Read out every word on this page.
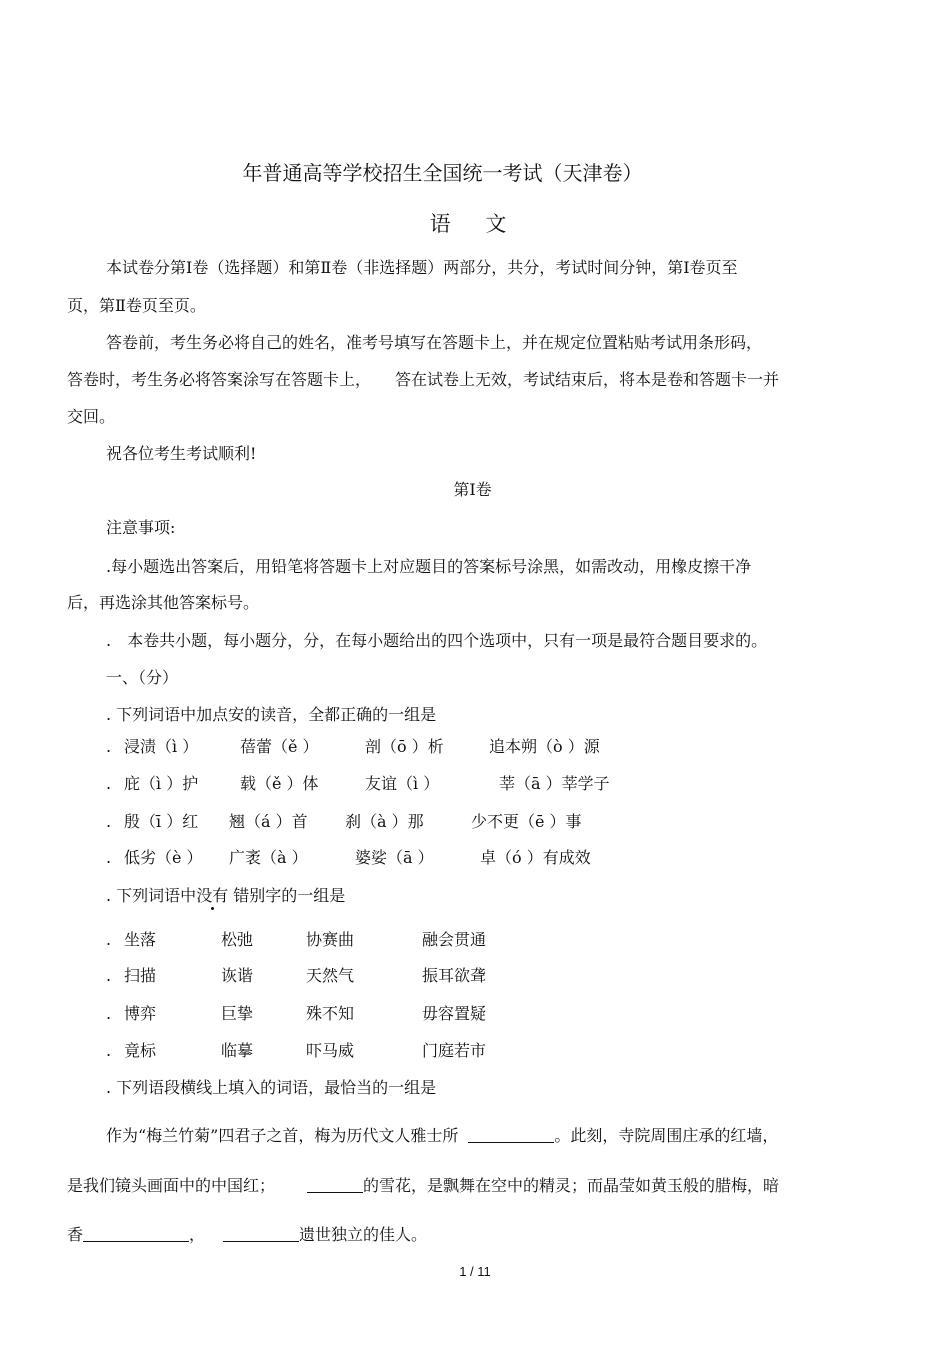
年普通高等学校招生全国统一考试（天津卷）
语 文
本试卷分第Ⅰ卷（选择题）和第Ⅱ卷（非选择题）两部分，共分，考试时间分钟，第Ⅰ卷页至
页，第Ⅱ卷页至页。
答卷前，考生务必将自己的姓名，准考号填写在答题卡上，并在规定位置粘贴考试用条形码，
答卷时，考生务必将答案涂写在答题卡上，　　答在试卷上无效，考试结束后，将本是卷和答题卡一并
交回。
祝各位考生考试顺利!
第Ⅰ卷
注意事项:
.每小题选出答案后，用铅笔将答题卡上对应题目的答案标号涂黑，如需改动，用橡皮擦干净
后，再选涂其他答案标号。
.　本卷共小题，每小题分，分，在每小题给出的四个选项中，只有一项是最符合题目要求的。
一、（分）
. 下列词语中加点安的读音，全都正确的一组是
. 浸渍（ì ）	蓓蕾（ě ）	剖（ō ）析	追本朔（ò ）源
. 庇（ì ）护	载（ě ）体	友谊（ì ）	莘（ā ）莘学子
. 殷（ī ）红 翘（á ）首 刹（à ）那	少不更（ē ）事
. 低劣（è ） 广袤（à ）	婆娑（ā ）	卓（ó ）有成效
. 下列词语中没有 错别字的一组是
. 坐落	松弛	协赛曲	融会贯通
. 扫描	诙谐	天然气	振耳欲聋
. 博弈	巨挚	殊不知	毋容置疑
. 竟标	临摹	吓马威	门庭若市
. 下列语段横线上填入的词语，最恰当的一组是
作为“梅兰竹菊”四君子之首，梅为历代文人雅士所	。此刻，寺院周围庄承的红墙，
是我们镜头画面中的中国红；	的雪花，是飘舞在空中的精灵；而晶莹如黄玉般的腊梅，暗
香	，	遗世独立的佳人。
1 / 11
